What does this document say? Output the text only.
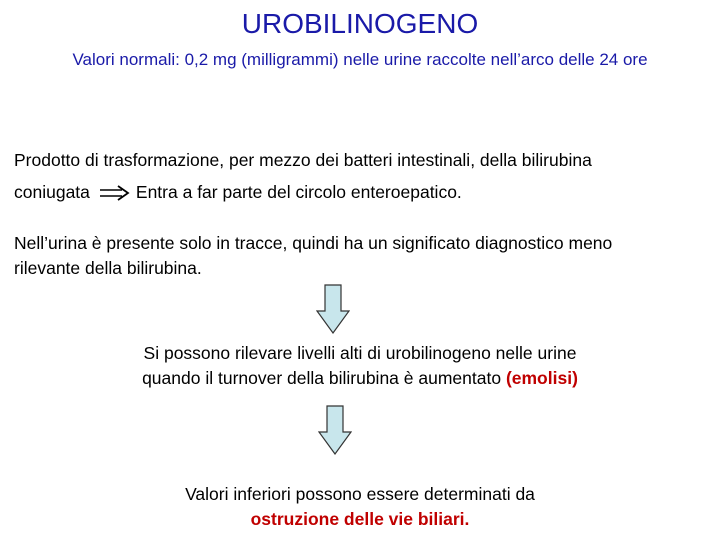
UROBILINOGENO
Valori normali: 0,2 mg (milligrammi) nelle urine raccolte nell’arco delle 24 ore
Prodotto di trasformazione, per mezzo dei batteri intestinali, della bilirubina
coniugata	Entra a far parte del circolo enteroepatico.
Nell’urina è presente solo in tracce, quindi ha un significato diagnostico meno
rilevante della bilirubina.
Si possono rilevare livelli alti di urobilinogeno nelle urine
quando il turnover della bilirubina è aumentato (emolisi)
Valori inferiori possono essere determinati da
ostruzione delle vie biliari.
